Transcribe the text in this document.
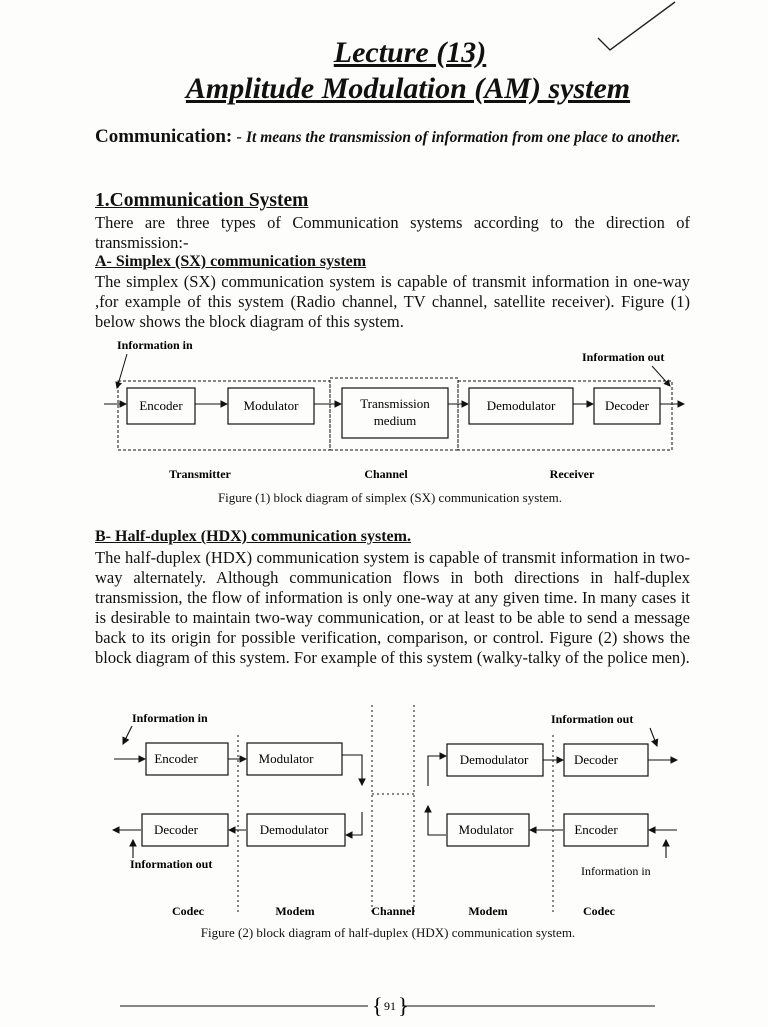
Lecture (13)
Amplitude Modulation (AM) system

Communication: - It means the transmission of information from one place to another.

1.Communication System

There are three types of Communication systems according to the direction of transmission:-

A- Simplex (SX) communication system

The simplex (SX) communication system is capable of transmit information in one-way ,for example of this system (Radio channel, TV channel, satellite receiver). Figure (1) below shows the block diagram of this system.

Information in
Information out
Encoder	Modulator	Transmission
medium
Demodulator	Decoder
Transmitter	Channel	Receiver

Figure (1) block diagram of simplex (SX) communication system.

B- Half-duplex (HDX) communication system.

The half-duplex (HDX) communication system is capable of transmit information in two-way alternately. Although communication flows in both directions in half-duplex transmission, the flow of information is only one-way at any given time. In many cases it is desirable to maintain two-way communication, or at least to be able to send a message back to its origin for possible verification, comparison, or control. Figure (2) shows the block diagram of this system. For example of this system (walky-talky of the police men).

Information in	Information out
Encoder	Modulator	Demodulator	Decoder
Decoder	Demodulator	Modulator	Encoder
Information out	Information in
Codec	Modem	Channel	Modem	Codec

Figure (2) block diagram of half-duplex (HDX) communication system.

{ }
91
